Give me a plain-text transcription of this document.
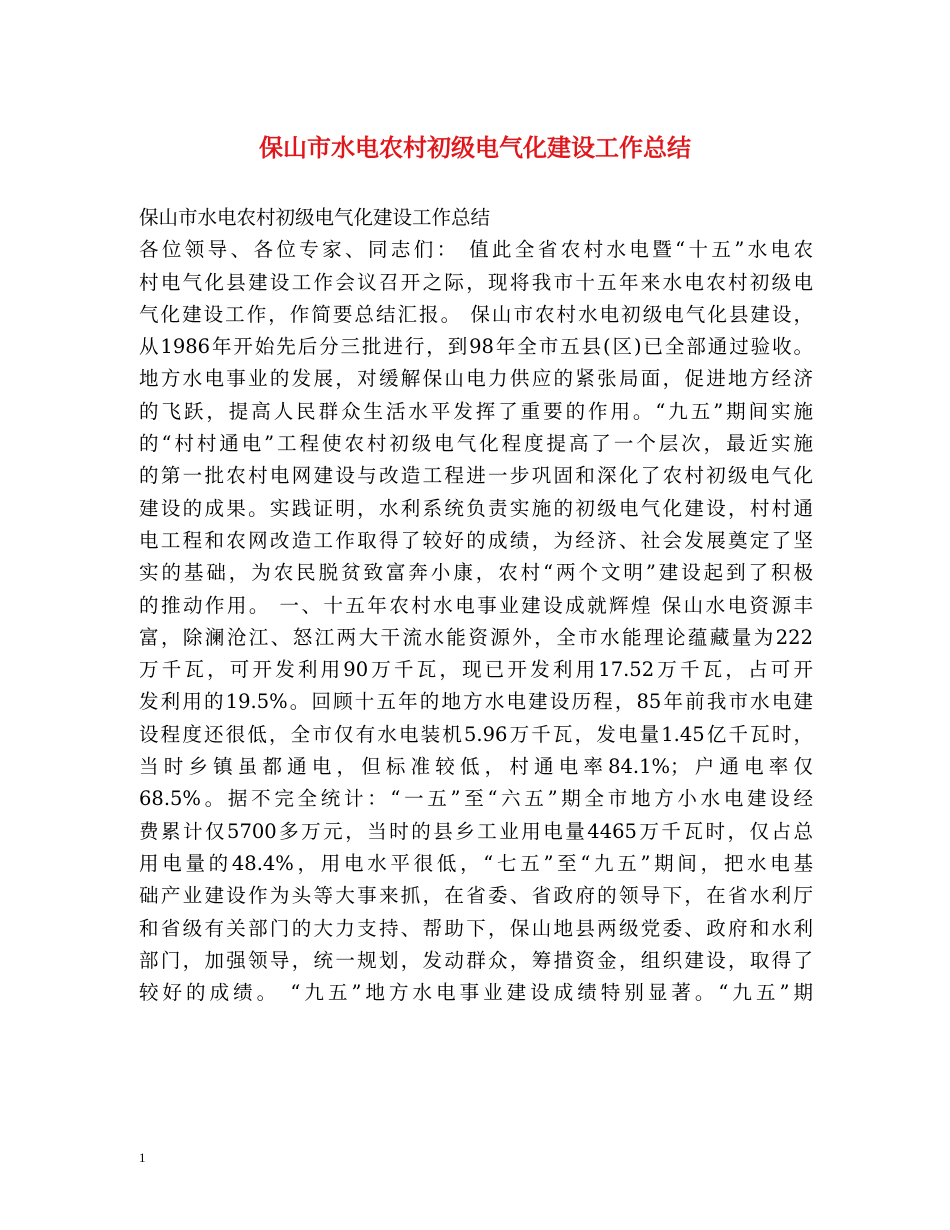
保山市水电农村初级电气化建设工作总结
保山市水电农村初级电气化建设工作总结
各位领导、各位专家、同志们： 值此全省农村水电暨“十五”水电农
村电气化县建设工作会议召开之际，现将我市十五年来水电农村初级电
气化建设工作，作简要总结汇报。 保山市农村水电初级电气化县建设，
从1986年开始先后分三批进行，到98年全市五县(区)已全部通过验收。
地方水电事业的发展，对缓解保山电力供应的紧张局面，促进地方经济
的飞跃，提高人民群众生活水平发挥了重要的作用。“九五”期间实施
的“村村通电”工程使农村初级电气化程度提高了一个层次，最近实施
的第一批农村电网建设与改造工程进一步巩固和深化了农村初级电气化
建设的成果。实践证明，水利系统负责实施的初级电气化建设，村村通
电工程和农网改造工作取得了较好的成绩，为经济、社会发展奠定了坚
实的基础，为农民脱贫致富奔小康，农村“两个文明”建设起到了积极
的推动作用。 一、十五年农村水电事业建设成就辉煌 保山水电资源丰
富，除澜沧江、怒江两大干流水能资源外，全市水能理论蕴藏量为222
万千瓦，可开发利用90万千瓦，现已开发利用17.52万千瓦，占可开
发利用的19.5%。回顾十五年的地方水电建设历程，85年前我市水电建
设程度还很低，全市仅有水电装机5.96万千瓦，发电量1.45亿千瓦时，
当时乡镇虽都通电，但标准较低，村通电率84.1%；户通电率仅
68.5%。据不完全统计：“一五”至“六五”期全市地方小水电建设经
费累计仅5700多万元，当时的县乡工业用电量4465万千瓦时，仅占总
用电量的48.4%，用电水平很低，“七五”至“九五”期间，把水电基
础产业建设作为头等大事来抓，在省委、省政府的领导下，在省水利厅
和省级有关部门的大力支持、帮助下，保山地县两级党委、政府和水利
部门，加强领导，统一规划，发动群众，筹措资金，组织建设，取得了
较好的成绩。 “九五”地方水电事业建设成绩特别显著。“九五”期
1
